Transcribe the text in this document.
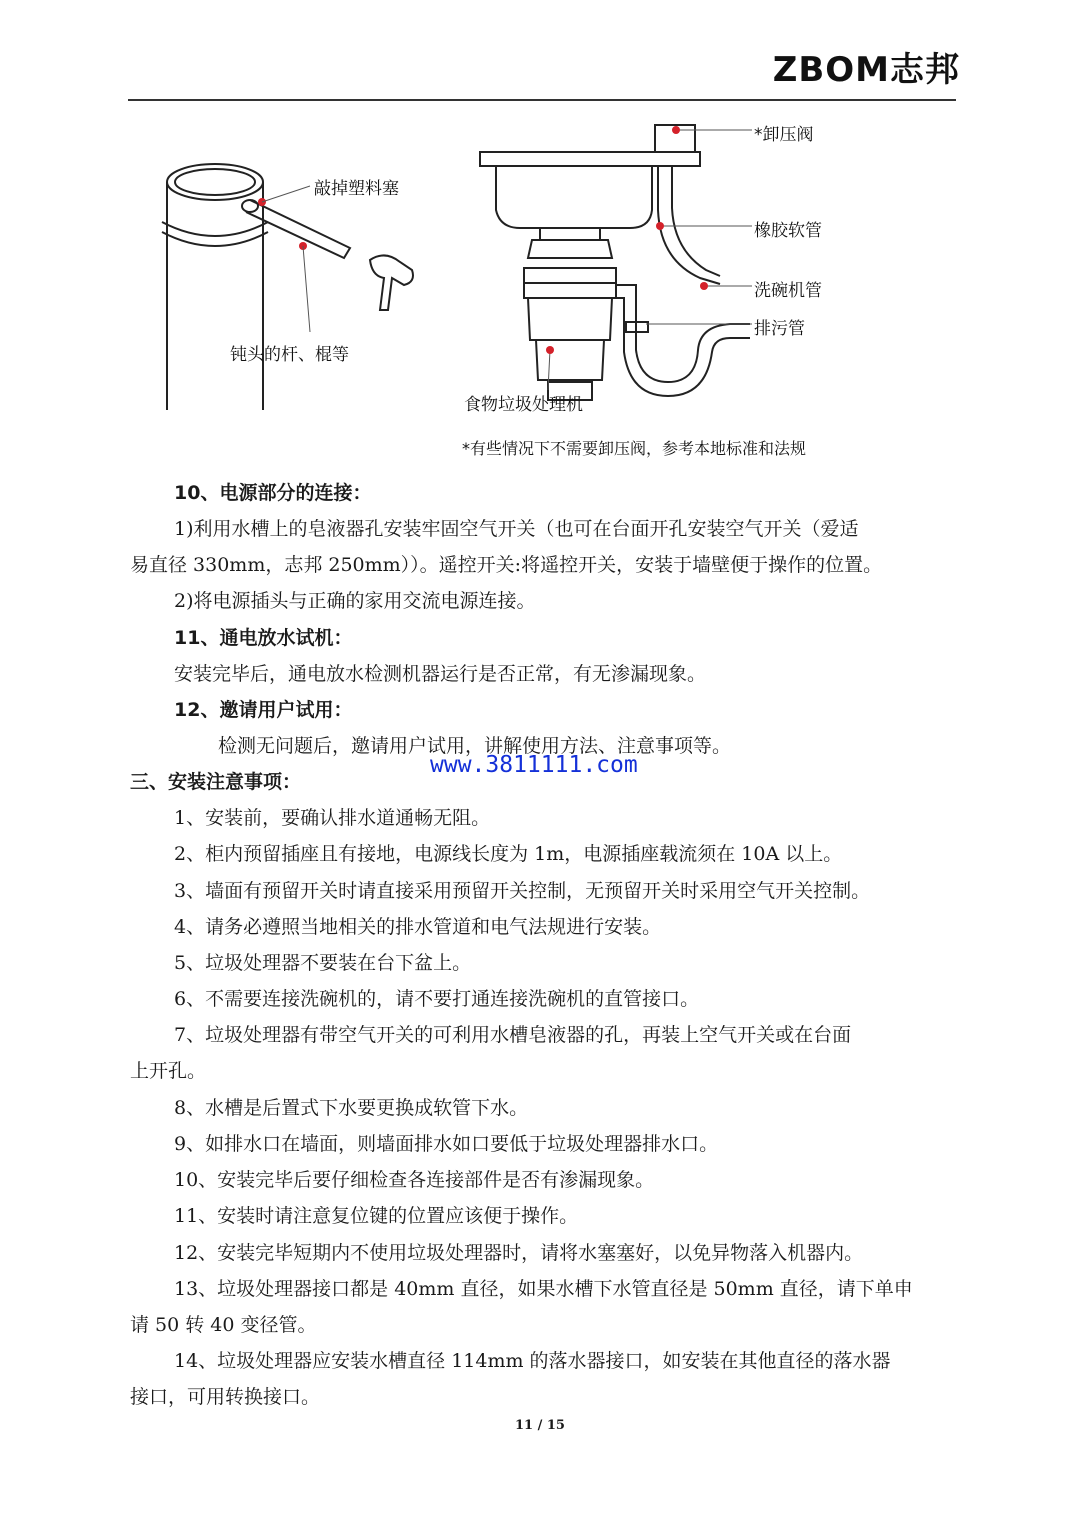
ZBOM志邦
敲掉塑料塞
钝头的杆、棍等
*卸压阀
橡胶软管
洗碗机管
排污管
食物垃圾处理机
*有些情况下不需要卸压阀，参考本地标准和法规
10、电源部分的连接：
1)利用水槽上的皂液器孔安装牢固空气开关（也可在台面开孔安装空气开关（爱适
易直径 330mm，志邦 250mm））。遥控开关:将遥控开关，安装于墙壁便于操作的位置。
2)将电源插头与正确的家用交流电源连接。
11、通电放水试机：
安装完毕后，通电放水检测机器运行是否正常，有无渗漏现象。
12、邀请用户试用：
检测无问题后，邀请用户试用，讲解使用方法、注意事项等。
三、安装注意事项：
www.3811111.com
1、安装前，要确认排水道通畅无阻。
2、柜内预留插座且有接地，电源线长度为 1m，电源插座载流须在 10A 以上。
3、墙面有预留开关时请直接采用预留开关控制，无预留开关时采用空气开关控制。
4、请务必遵照当地相关的排水管道和电气法规进行安装。
5、垃圾处理器不要装在台下盆上。
6、不需要连接洗碗机的，请不要打通连接洗碗机的直管接口。
7、垃圾处理器有带空气开关的可利用水槽皂液器的孔，再装上空气开关或在台面
上开孔。
8、水槽是后置式下水要更换成软管下水。
9、如排水口在墙面，则墙面排水如口要低于垃圾处理器排水口。
10、安装完毕后要仔细检查各连接部件是否有渗漏现象。
11、安装时请注意复位键的位置应该便于操作。
12、安装完毕短期内不使用垃圾处理器时，请将水塞塞好，以免异物落入机器内。
13、垃圾处理器接口都是 40mm 直径，如果水槽下水管直径是 50mm 直径，请下单申
请 50 转 40 变径管。
14、垃圾处理器应安装水槽直径 114mm 的落水器接口，如安装在其他直径的落水器
接口，可用转换接口。
11 / 15
